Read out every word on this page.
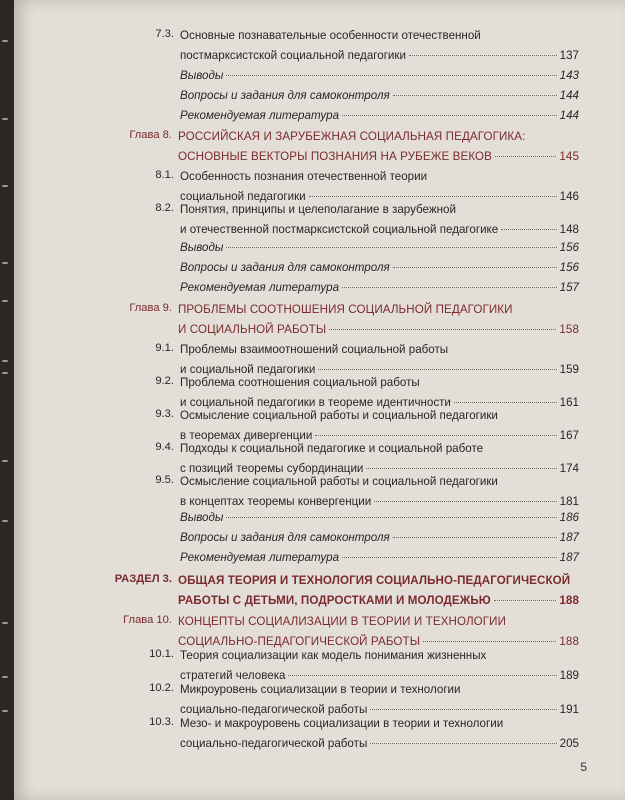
7.3. Основные познавательные особенности отечественной
постмарксистской социальной педагогики	137
Выводы	143
Вопросы и задания для самоконтроля	144
Рекомендуемая литература	144
Глава 8. РОССИЙСКАЯ И ЗАРУБЕЖНАЯ СОЦИАЛЬНАЯ ПЕДАГОГИКА:
ОСНОВНЫЕ ВЕКТОРЫ ПОЗНАНИЯ НА РУБЕЖЕ ВЕКОВ	145
8.1. Особенность познания отечественной теории
социальной педагогики	146
8.2. Понятия, принципы и целеполагание в зарубежной
и отечественной постмарксистской социальной педагогике	148
Выводы	156
Вопросы и задания для самоконтроля	156
Рекомендуемая литература	157
Глава 9. ПРОБЛЕМЫ СООТНОШЕНИЯ СОЦИАЛЬНОЙ ПЕДАГОГИКИ
И СОЦИАЛЬНОЙ РАБОТЫ	158
9.1. Проблемы взаимоотношений социальной работы
и социальной педагогики	159
9.2. Проблема соотношения социальной работы
и социальной педагогики в теореме идентичности	161
9.3. Осмысление социальной работы и социальной педагогики
в теоремах дивергенции	167
9.4. Подходы к социальной педагогике и социальной работе
с позиций теоремы субординации	174
9.5. Осмысление социальной работы и социальной педагогики
в концептах теоремы конвергенции	181
Выводы	186
Вопросы и задания для самоконтроля	187
Рекомендуемая литература	187
РАЗДЕЛ 3. ОБЩАЯ ТЕОРИЯ И ТЕХНОЛОГИЯ СОЦИАЛЬНО-ПЕДАГОГИЧЕСКОЙ
РАБОТЫ С ДЕТЬМИ, ПОДРОСТКАМИ И МОЛОДЕЖЬЮ	188
Глава 10. КОНЦЕПТЫ СОЦИАЛИЗАЦИИ В ТЕОРИИ И ТЕХНОЛОГИИ
СОЦИАЛЬНО-ПЕДАГОГИЧЕСКОЙ РАБОТЫ	188
10.1. Теория социализации как модель понимания жизненных
стратегий человека	189
10.2. Микроуровень социализации в теории и технологии
социально-педагогической работы	191
10.3. Мезо- и макроуровень социализации в теории и технологии
социально-педагогической работы	205
5
